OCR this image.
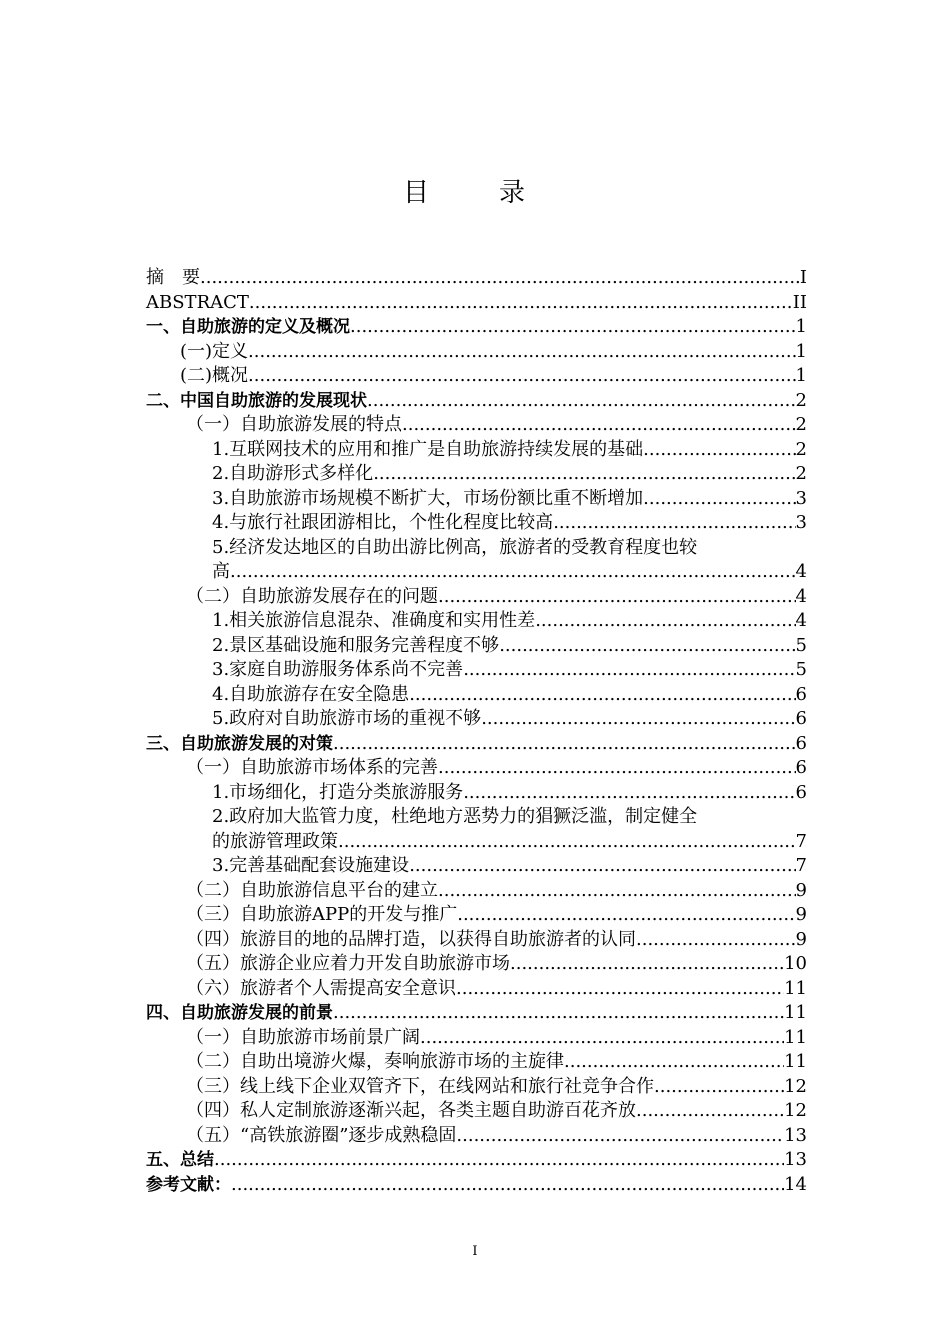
目　录
摘　要 .....	I
ABSTRACT .....	II
一、自助旅游的定义及概况 .....	1
(一)定义 .....	1
(二)概况 .....	1
二、中国自助旅游的发展现状 .....	2
（一）自助旅游发展的特点 .....	2
1.互联网技术的应用和推广是自助旅游持续发展的基础 .....	2
2.自助游形式多样化 .....	2
3.自助旅游市场规模不断扩大，市场份额比重不断增加 .....	3
4.与旅行社跟团游相比，个性化程度比较高 .....	3
5.经济发达地区的自助出游比例高，旅游者的受教育程度也较
高 .....	4
（二）自助旅游发展存在的问题 .....	4
1.相关旅游信息混杂、准确度和实用性差 .....	4
2.景区基础设施和服务完善程度不够 .....	5
3.家庭自助游服务体系尚不完善 .....	5
4.自助旅游存在安全隐患 .....	6
5.政府对自助旅游市场的重视不够 .....	6
三、自助旅游发展的对策 .....	6
（一）自助旅游市场体系的完善 .....	6
1.市场细化，打造分类旅游服务 .....	6
2.政府加大监管力度，杜绝地方恶势力的猖獗泛滥，制定健全
的旅游管理政策 .....	7
3.完善基础配套设施建设 .....	7
（二）自助旅游信息平台的建立 .....	9
（三）自助旅游APP的开发与推广 .....	9
（四）旅游目的地的品牌打造，以获得自助旅游者的认同 .....	9
（五）旅游企业应着力开发自助旅游市场 .....	10
（六）旅游者个人需提高安全意识 .....	11
四、自助旅游发展的前景 .....	11
（一）自助旅游市场前景广阔 .....	11
（二）自助出境游火爆，奏响旅游市场的主旋律 .....	11
（三）线上线下企业双管齐下，在线网站和旅行社竞争合作 .....	12
（四）私人定制旅游逐渐兴起，各类主题自助游百花齐放 .....	12
（五）“高铁旅游圈”逐步成熟稳固 .....	13
五、总结 .....	13
参考文献： .....	14
I
